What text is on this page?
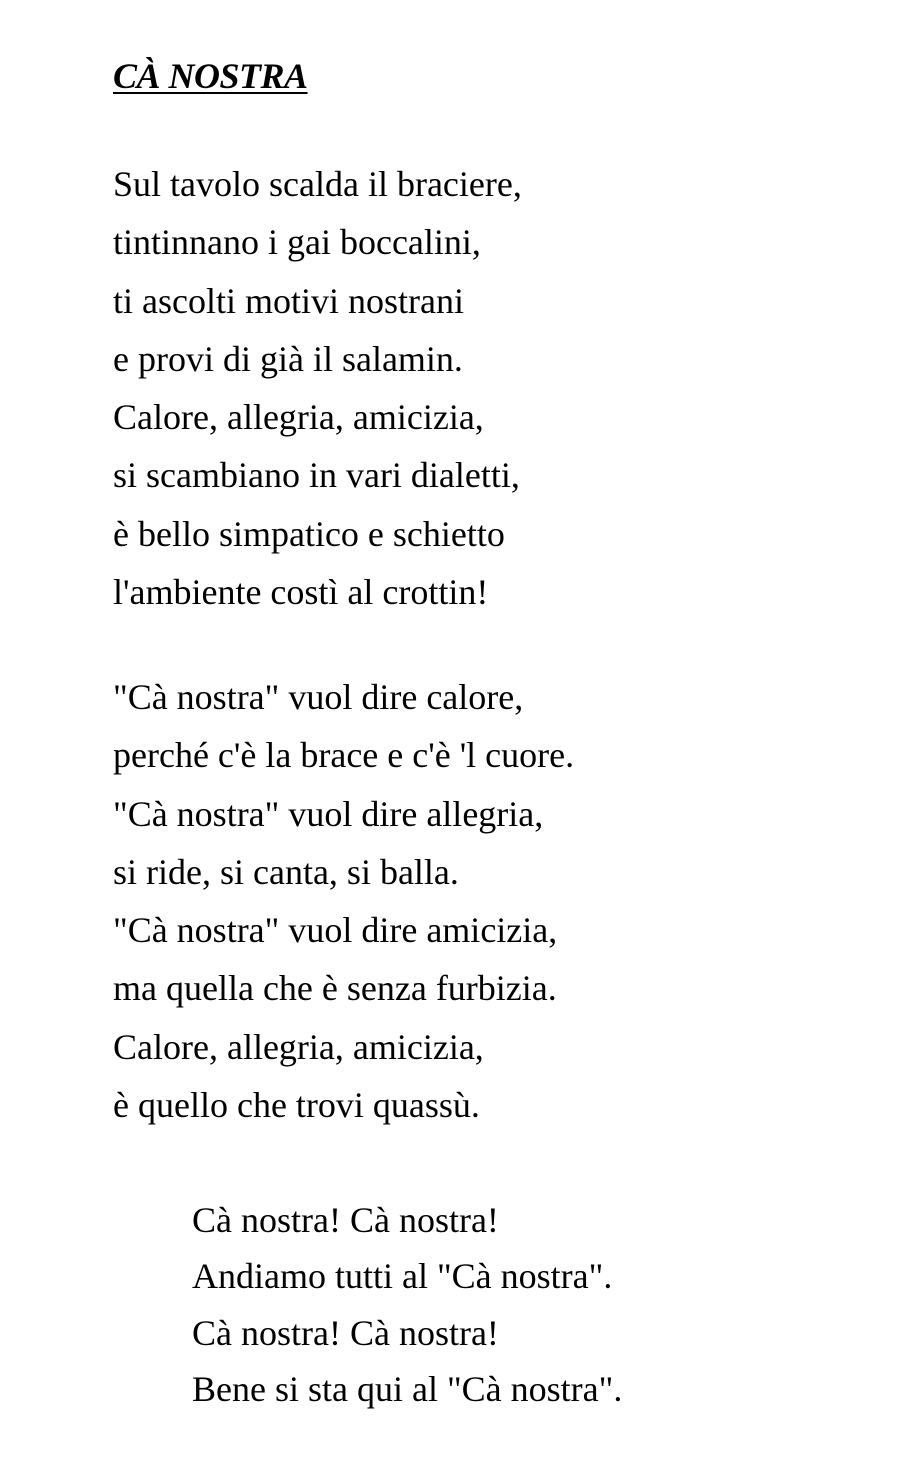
CÀ NOSTRA
Sul tavolo scalda il braciere,
tintinnano i gai boccalini,
ti ascolti motivi nostrani
e provi di già il salamin.
Calore, allegria, amicizia,
si scambiano in vari dialetti,
è bello simpatico e schietto
l'ambiente costì al crottin!
"Cà nostra" vuol dire calore,
perché c'è la brace e c'è 'l cuore.
"Cà nostra" vuol dire allegria,
si ride, si canta, si balla.
"Cà nostra" vuol dire amicizia,
ma quella che è senza furbizia.
Calore, allegria, amicizia,
è quello che trovi quassù.
Cà nostra! Cà nostra!
Andiamo tutti al "Cà nostra".
Cà nostra! Cà nostra!
Bene si sta qui al "Cà nostra".
